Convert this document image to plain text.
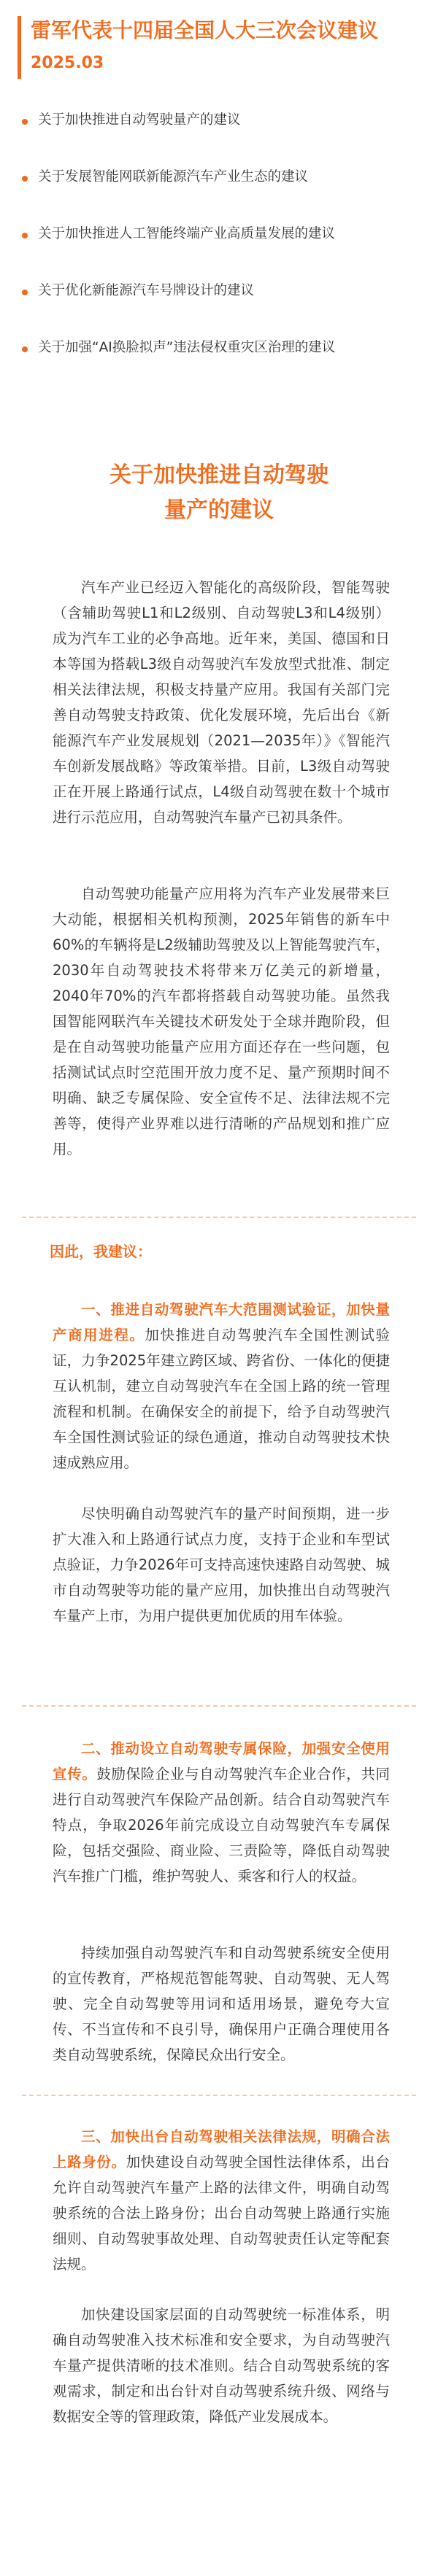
雷军代表十四届全国人大三次会议建议
2025.03
关于加快推进自动驾驶量产的建议
关于发展智能网联新能源汽车产业生态的建议
关于加快推进人工智能终端产业高质量发展的建议
关于优化新能源汽车号牌设计的建议
关于加强“AI换脸拟声”违法侵权重灾区治理的建议
关于加快推进自动驾驶
量产的建议
汽车产业已经迈入智能化的高级阶段，智能驾驶（含辅助驾驶L1和L2级别、自动驾驶L3和L4级别）成为汽车工业的必争高地。近年来，美国、德国和日本等国为搭载L3级自动驾驶汽车发放型式批准、制定相关法律法规，积极支持量产应用。我国有关部门完善自动驾驶支持政策、优化发展环境，先后出台《新能源汽车产业发展规划（2021—2035年）》《智能汽车创新发展战略》等政策举措。目前，L3级自动驾驶正在开展上路通行试点，L4级自动驾驶在数十个城市进行示范应用，自动驾驶汽车量产已初具条件。
自动驾驶功能量产应用将为汽车产业发展带来巨大动能，根据相关机构预测，2025年销售的新车中60%的车辆将是L2级辅助驾驶及以上智能驾驶汽车，2030年自动驾驶技术将带来万亿美元的新增量，2040年70%的汽车都将搭载自动驾驶功能。虽然我国智能网联汽车关键技术研发处于全球并跑阶段，但是在自动驾驶功能量产应用方面还存在一些问题，包括测试试点时空范围开放力度不足、量产预期时间不明确、缺乏专属保险、安全宣传不足、法律法规不完善等，使得产业界难以进行清晰的产品规划和推广应用。
因此，我建议：
一、推进自动驾驶汽车大范围测试验证，加快量产商用进程。加快推进自动驾驶汽车全国性测试验证，力争2025年建立跨区域、跨省份、一体化的便捷互认机制，建立自动驾驶汽车在全国上路的统一管理流程和机制。在确保安全的前提下，给予自动驾驶汽车全国性测试验证的绿色通道，推动自动驾驶技术快速成熟应用。
尽快明确自动驾驶汽车的量产时间预期，进一步扩大准入和上路通行试点力度，支持于企业和车型试点验证，力争2026年可支持高速快速路自动驾驶、城市自动驾驶等功能的量产应用，加快推出自动驾驶汽车量产上市，为用户提供更加优质的用车体验。
二、推动设立自动驾驶专属保险，加强安全使用宣传。鼓励保险企业与自动驾驶汽车企业合作，共同进行自动驾驶汽车保险产品创新。结合自动驾驶汽车特点，争取2026年前完成设立自动驾驶汽车专属保险，包括交强险、商业险、三责险等，降低自动驾驶汽车推广门槛，维护驾驶人、乘客和行人的权益。
持续加强自动驾驶汽车和自动驾驶系统安全使用的宣传教育，严格规范智能驾驶、自动驾驶、无人驾驶、完全自动驾驶等用词和适用场景，避免夸大宣传、不当宣传和不良引导，确保用户正确合理使用各类自动驾驶系统，保障民众出行安全。
三、加快出台自动驾驶相关法律法规，明确合法上路身份。加快建设自动驾驶全国性法律体系，出台允许自动驾驶汽车量产上路的法律文件，明确自动驾驶系统的合法上路身份；出台自动驾驶上路通行实施细则、自动驾驶事故处理、自动驾驶责任认定等配套法规。
加快建设国家层面的自动驾驶统一标准体系，明确自动驾驶准入技术标准和安全要求，为自动驾驶汽车量产提供清晰的技术准则。结合自动驾驶系统的客观需求，制定和出台针对自动驾驶系统升级、网络与数据安全等的管理政策，降低产业发展成本。
